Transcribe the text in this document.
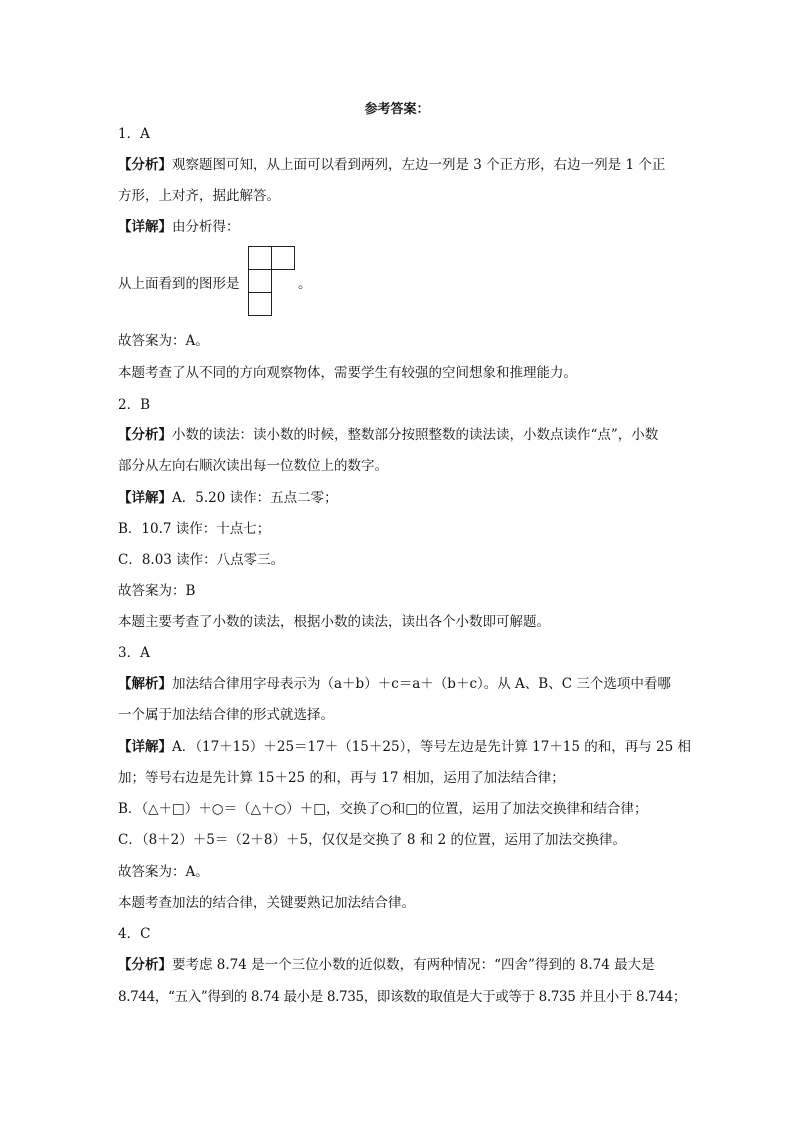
参考答案：
1．A
【分析】观察题图可知，从上面可以看到两列，左边一列是 3 个正方形，右边一列是 1 个正
方形，上对齐，据此解答。
【详解】由分析得：
从上面看到的图形是	。
故答案为：A。
本题考查了从不同的方向观察物体，需要学生有较强的空间想象和推理能力。
2．B
【分析】小数的读法：读小数的时候，整数部分按照整数的读法读，小数点读作“点”，小数
部分从左向右顺次读出每一位数位上的数字。
【详解】A．5.20 读作：五点二零；
B．10.7 读作：十点七；
C．8.03 读作：八点零三。
故答案为：B
本题主要考查了小数的读法，根据小数的读法，读出各个小数即可解题。
3．A
【解析】加法结合律用字母表示为（a＋b）＋c＝a＋（b＋c）。从 A、B、C 三个选项中看哪
一个属于加法结合律的形式就选择。
【详解】A．（17＋15）＋25＝17＋（15＋25），等号左边是先计算 17＋15 的和，再与 25 相
加；等号右边是先计算 15＋25 的和，再与 17 相加，运用了加法结合律；
B．（△＋□）＋○＝（△＋○）＋□，交换了○和□的位置，运用了加法交换律和结合律；
C．（8＋2）＋5＝（2＋8）＋5，仅仅是交换了 8 和 2 的位置，运用了加法交换律。
故答案为：A。
本题考查加法的结合律，关键要熟记加法结合律。
4．C
【分析】要考虑 8.74 是一个三位小数的近似数，有两种情况：“四舍”得到的 8.74 最大是
8.744，“五入”得到的 8.74 最小是 8.735，即该数的取值是大于或等于 8.735 并且小于 8.744；
